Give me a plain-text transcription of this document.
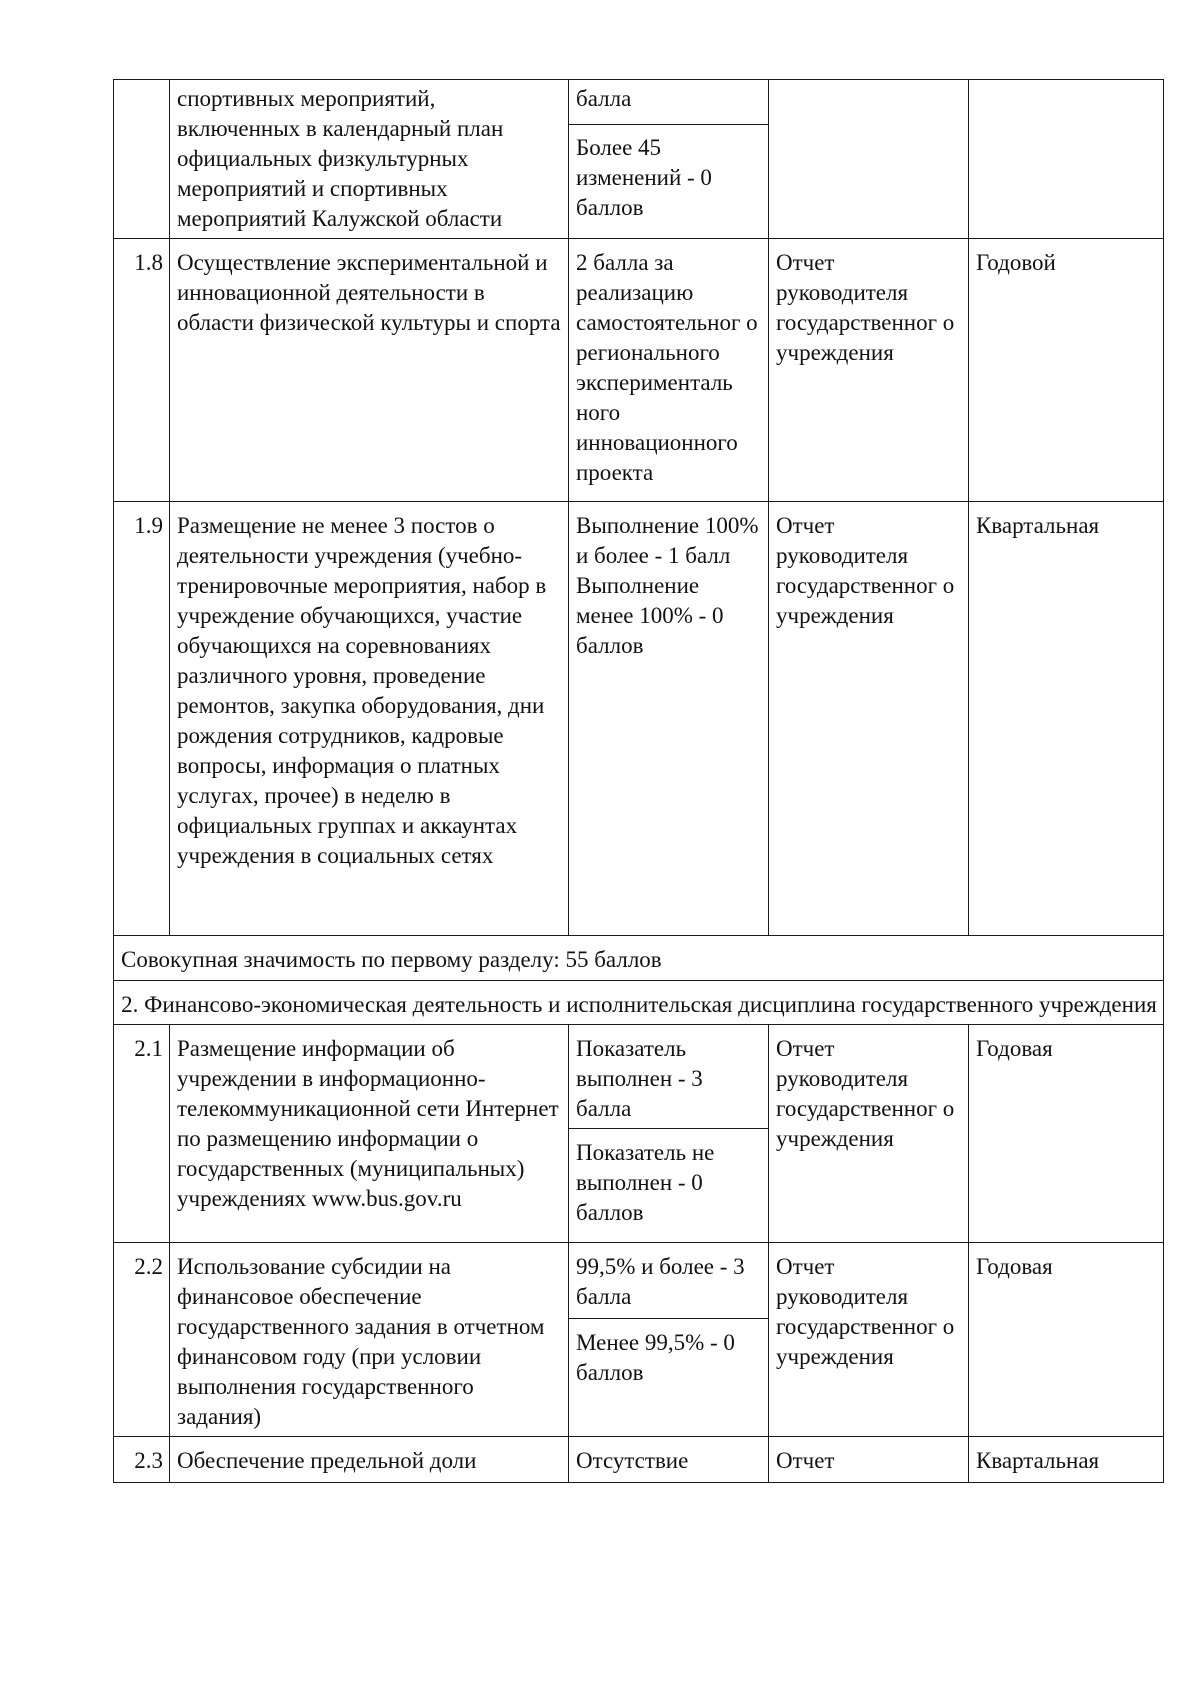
	спортивных мероприятий, включенных в календарный план официальных физкультурных мероприятий и спортивных мероприятий Калужской области	балла		

		Более 45 изменений - 0 баллов		

1.8	Осуществление экспериментальной и инновационной деятельности в области физической культуры и спорта	2 балла за реализацию самостоятельног о регионального эксперименталь ного инновационного проекта	Отчет руководителя государственног о учреждения	Годовой

1.9	Размещение не менее 3 постов о деятельности учреждения (учебно-тренировочные мероприятия, набор в учреждение обучающихся, участие обучающихся на соревнованиях различного уровня, проведение ремонтов, закупка оборудования, дни рождения сотрудников, кадровые вопросы, информация о платных услугах, прочее) в неделю в официальных группах и аккаунтах учреждения в социальных сетях	Выполнение 100% и более - 1 балл Выполнение менее 100% - 0 баллов	Отчет руководителя государственног о учреждения	Квартальная

Совокупная значимость по первому разделу: 55 баллов				
2. Финансово-экономическая деятельность и исполнительская дисциплина государственного учреждения				
2.1	Размещение информации об учреждении в информационно-телекоммуникационной сети Интернет по размещению информации о государственных (муниципальных) учреждениях www.bus.gov.ru	Показатель выполнен - 3 балла	Отчет руководителя государственног о учреждения	Годовая

		Показатель не выполнен - 0 баллов		

2.2	Использование субсидии на финансовое обеспечение государственного задания в отчетном финансовом году (при условии выполнения государственного задания)	99,5% и более - 3 балла	Отчет руководителя государственног о учреждения	Годовая

		Менее 99,5% - 0 баллов		

2.3	Обеспечение предельной доли	Отсутствие	Отчет	Квартальная
